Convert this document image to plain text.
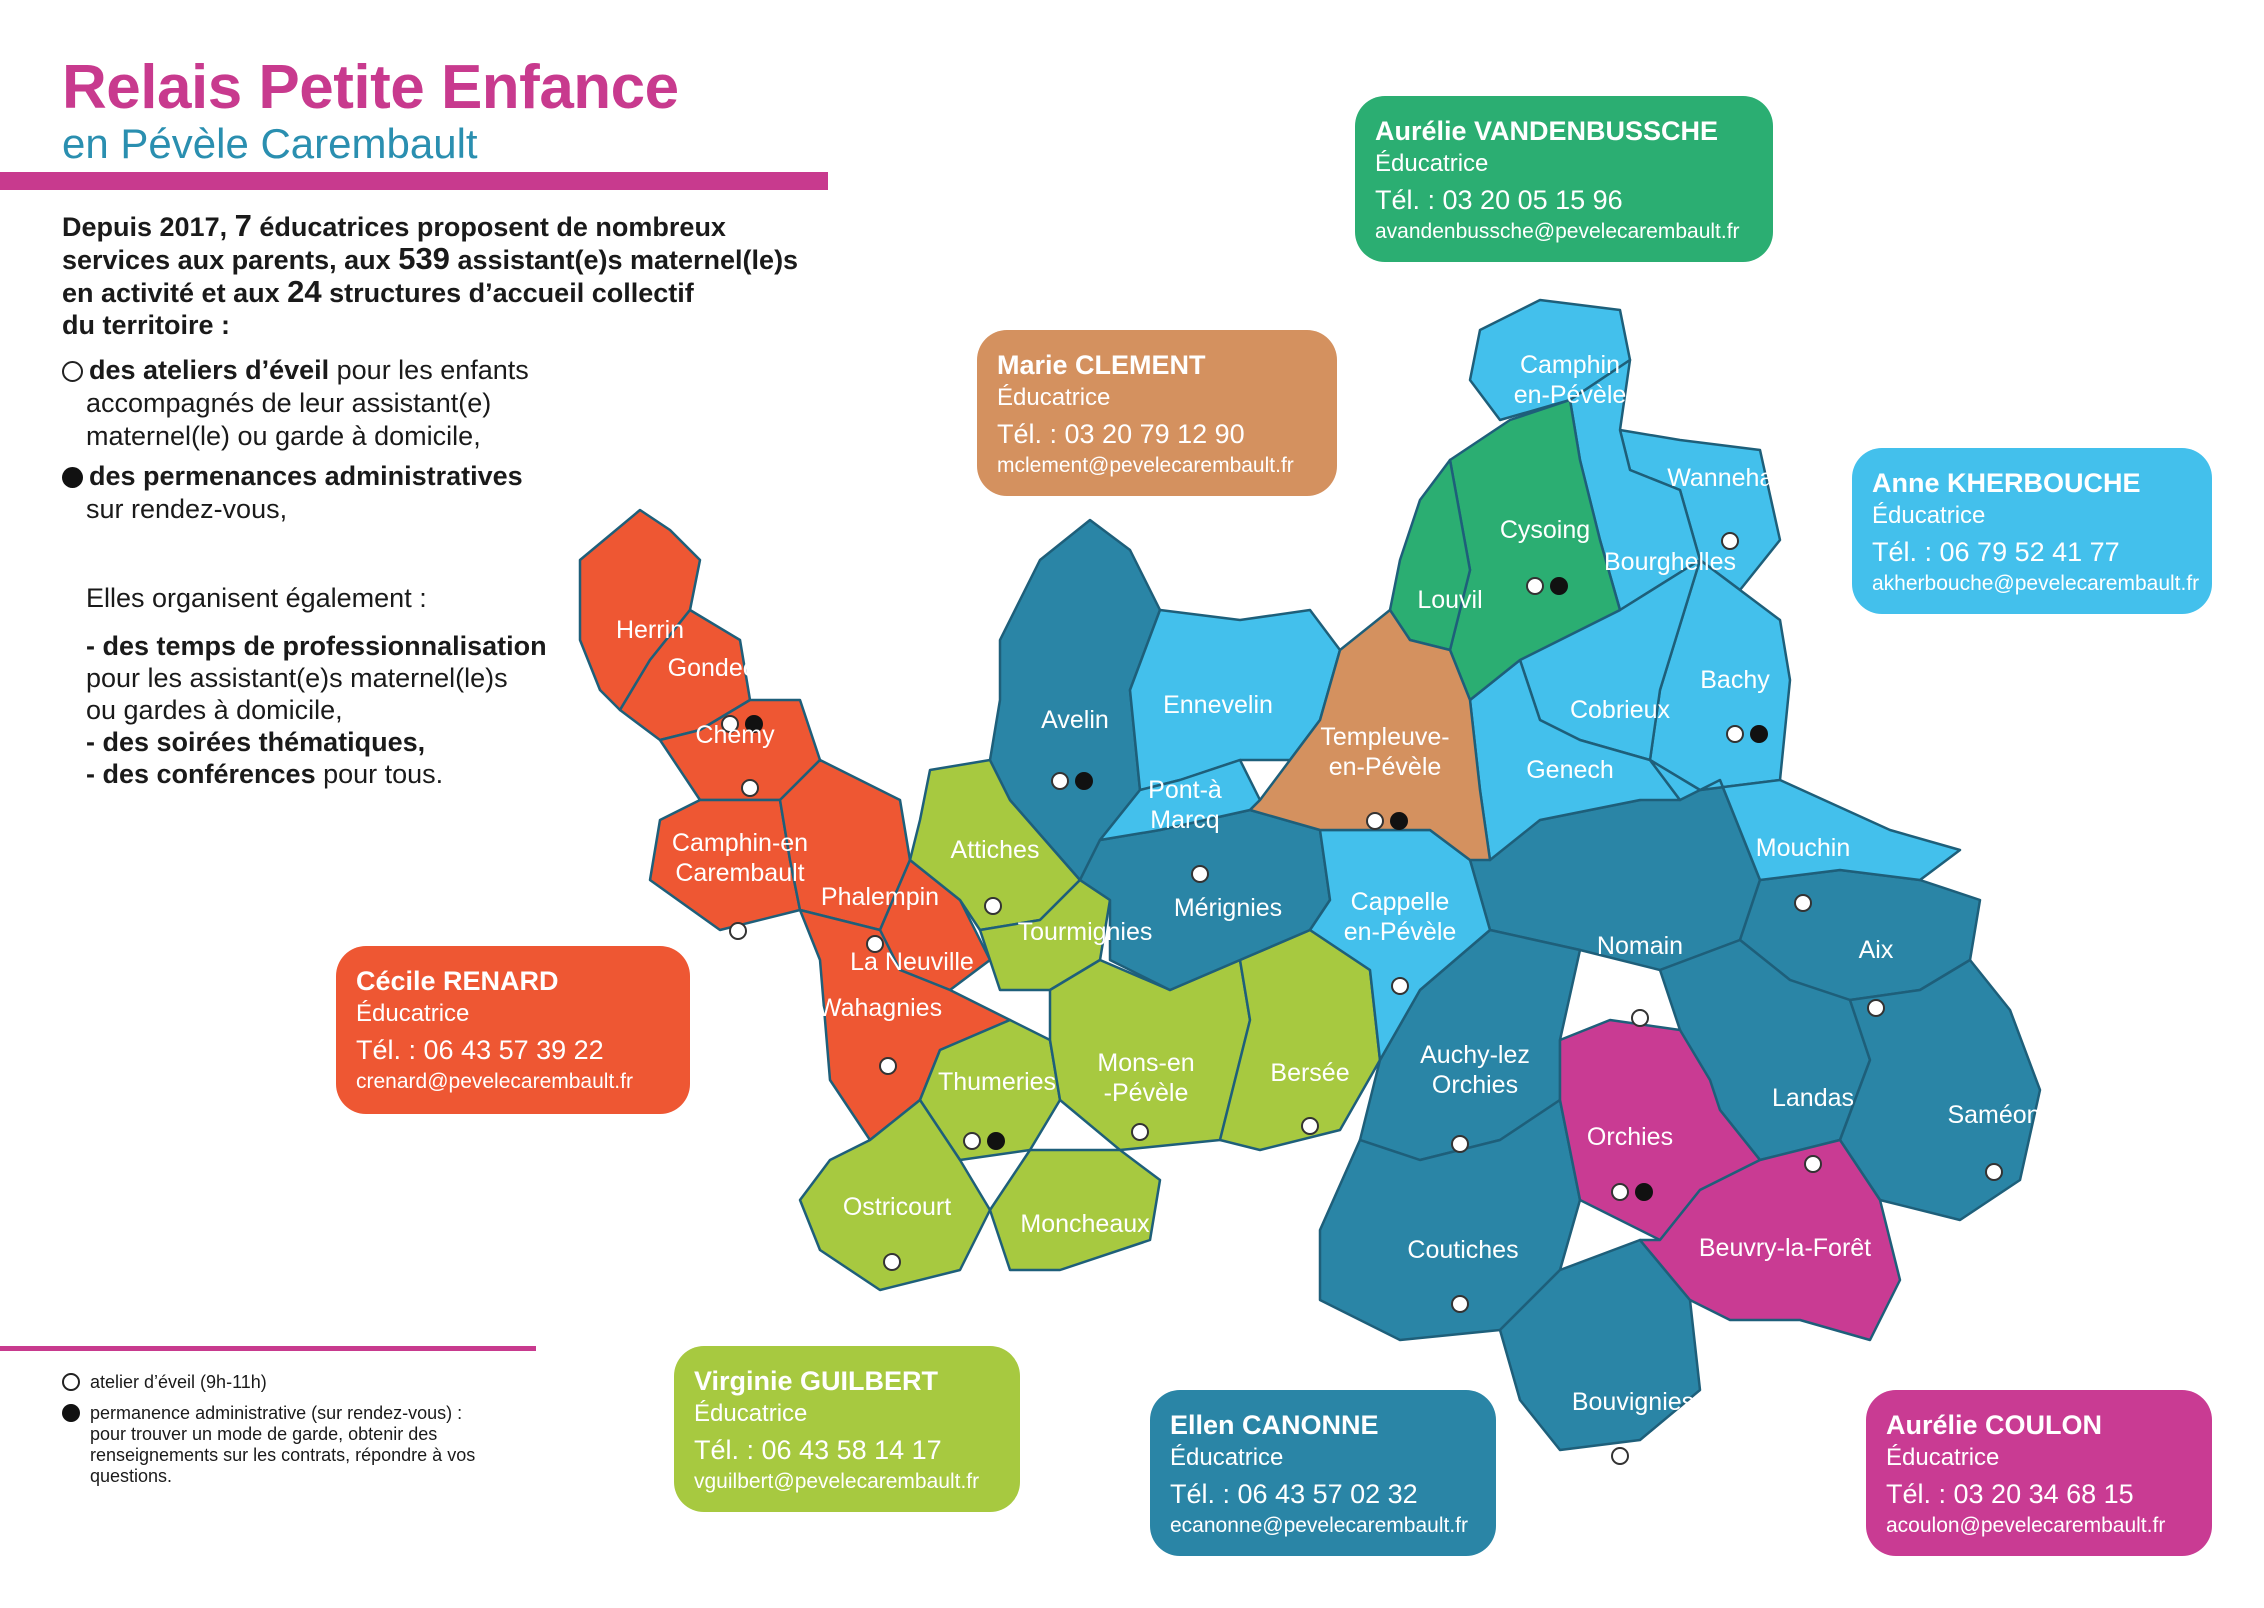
Relais Petite Enfance
en Pévèle Carembault
Depuis 2017, 7 éducatrices proposent de nombreux
services aux parents, aux 539 assistant(e)s maternel(le)s
en activité et aux 24 structures d’accueil collectif
du territoire :
des ateliers d’éveil pour les enfants
accompagnés de leur assistant(e)
maternel(le) ou garde à domicile,
des permenances administratives
sur rendez-vous,
Elles organisent également :
- des temps de professionnalisation
pour les assistant(e)s maternel(le)s
ou gardes à domicile,
- des soirées thématiques,
- des conférences pour tous.
Camphin
en-Pévèle
Wannehain
Cysoing
Bourghelles
Louvil
Bachy
Cobrieux
Genech
Mouchin
Herrin
Gondecourt
Chemy
Camphin-en
Carembault
Phalempin
La Neuville
Wahagnies
Avelin
Ennevelin
Templeuve-
en-Pévèle
Pont-à
Marcq
Attiches
Tourmignies
Mérignies	Cappelle
en-Pévèle	Nomain	Aix
Thumeries
Mons-en
-Pévèle
Bersée
Auchy-lez
Orchies	Landas
Saméon
Orchies
Ostricourt
Moncheaux
Coutiches	Beuvry-la-Forêt
Bouvignies
Aurélie VANDENBUSSCHE
Éducatrice
Tél. : 03 20 05 15 96
avandenbussche@pevelecarembault.fr
Marie CLEMENT
Éducatrice
Tél. : 03 20 79 12 90
mclement@pevelecarembault.fr
Anne KHERBOUCHE
Éducatrice
Tél. : 06 79 52 41 77
akherbouche@pevelecarembault.fr
Cécile RENARD
Éducatrice
Tél. : 06 43 57 39 22
crenard@pevelecarembault.fr
Virginie GUILBERT
Éducatrice
Tél. : 06 43 58 14 17
vguilbert@pevelecarembault.fr
Ellen CANONNE
Éducatrice
Tél. : 06 43 57 02 32
ecanonne@pevelecarembault.fr
Aurélie COULON
Éducatrice
Tél. : 03 20 34 68 15
acoulon@pevelecarembault.fr
atelier d’éveil (9h-11h)
permanence administrative (sur rendez-vous) :
pour trouver un mode de garde, obtenir des
renseignements sur les contrats, répondre à vos
questions.
